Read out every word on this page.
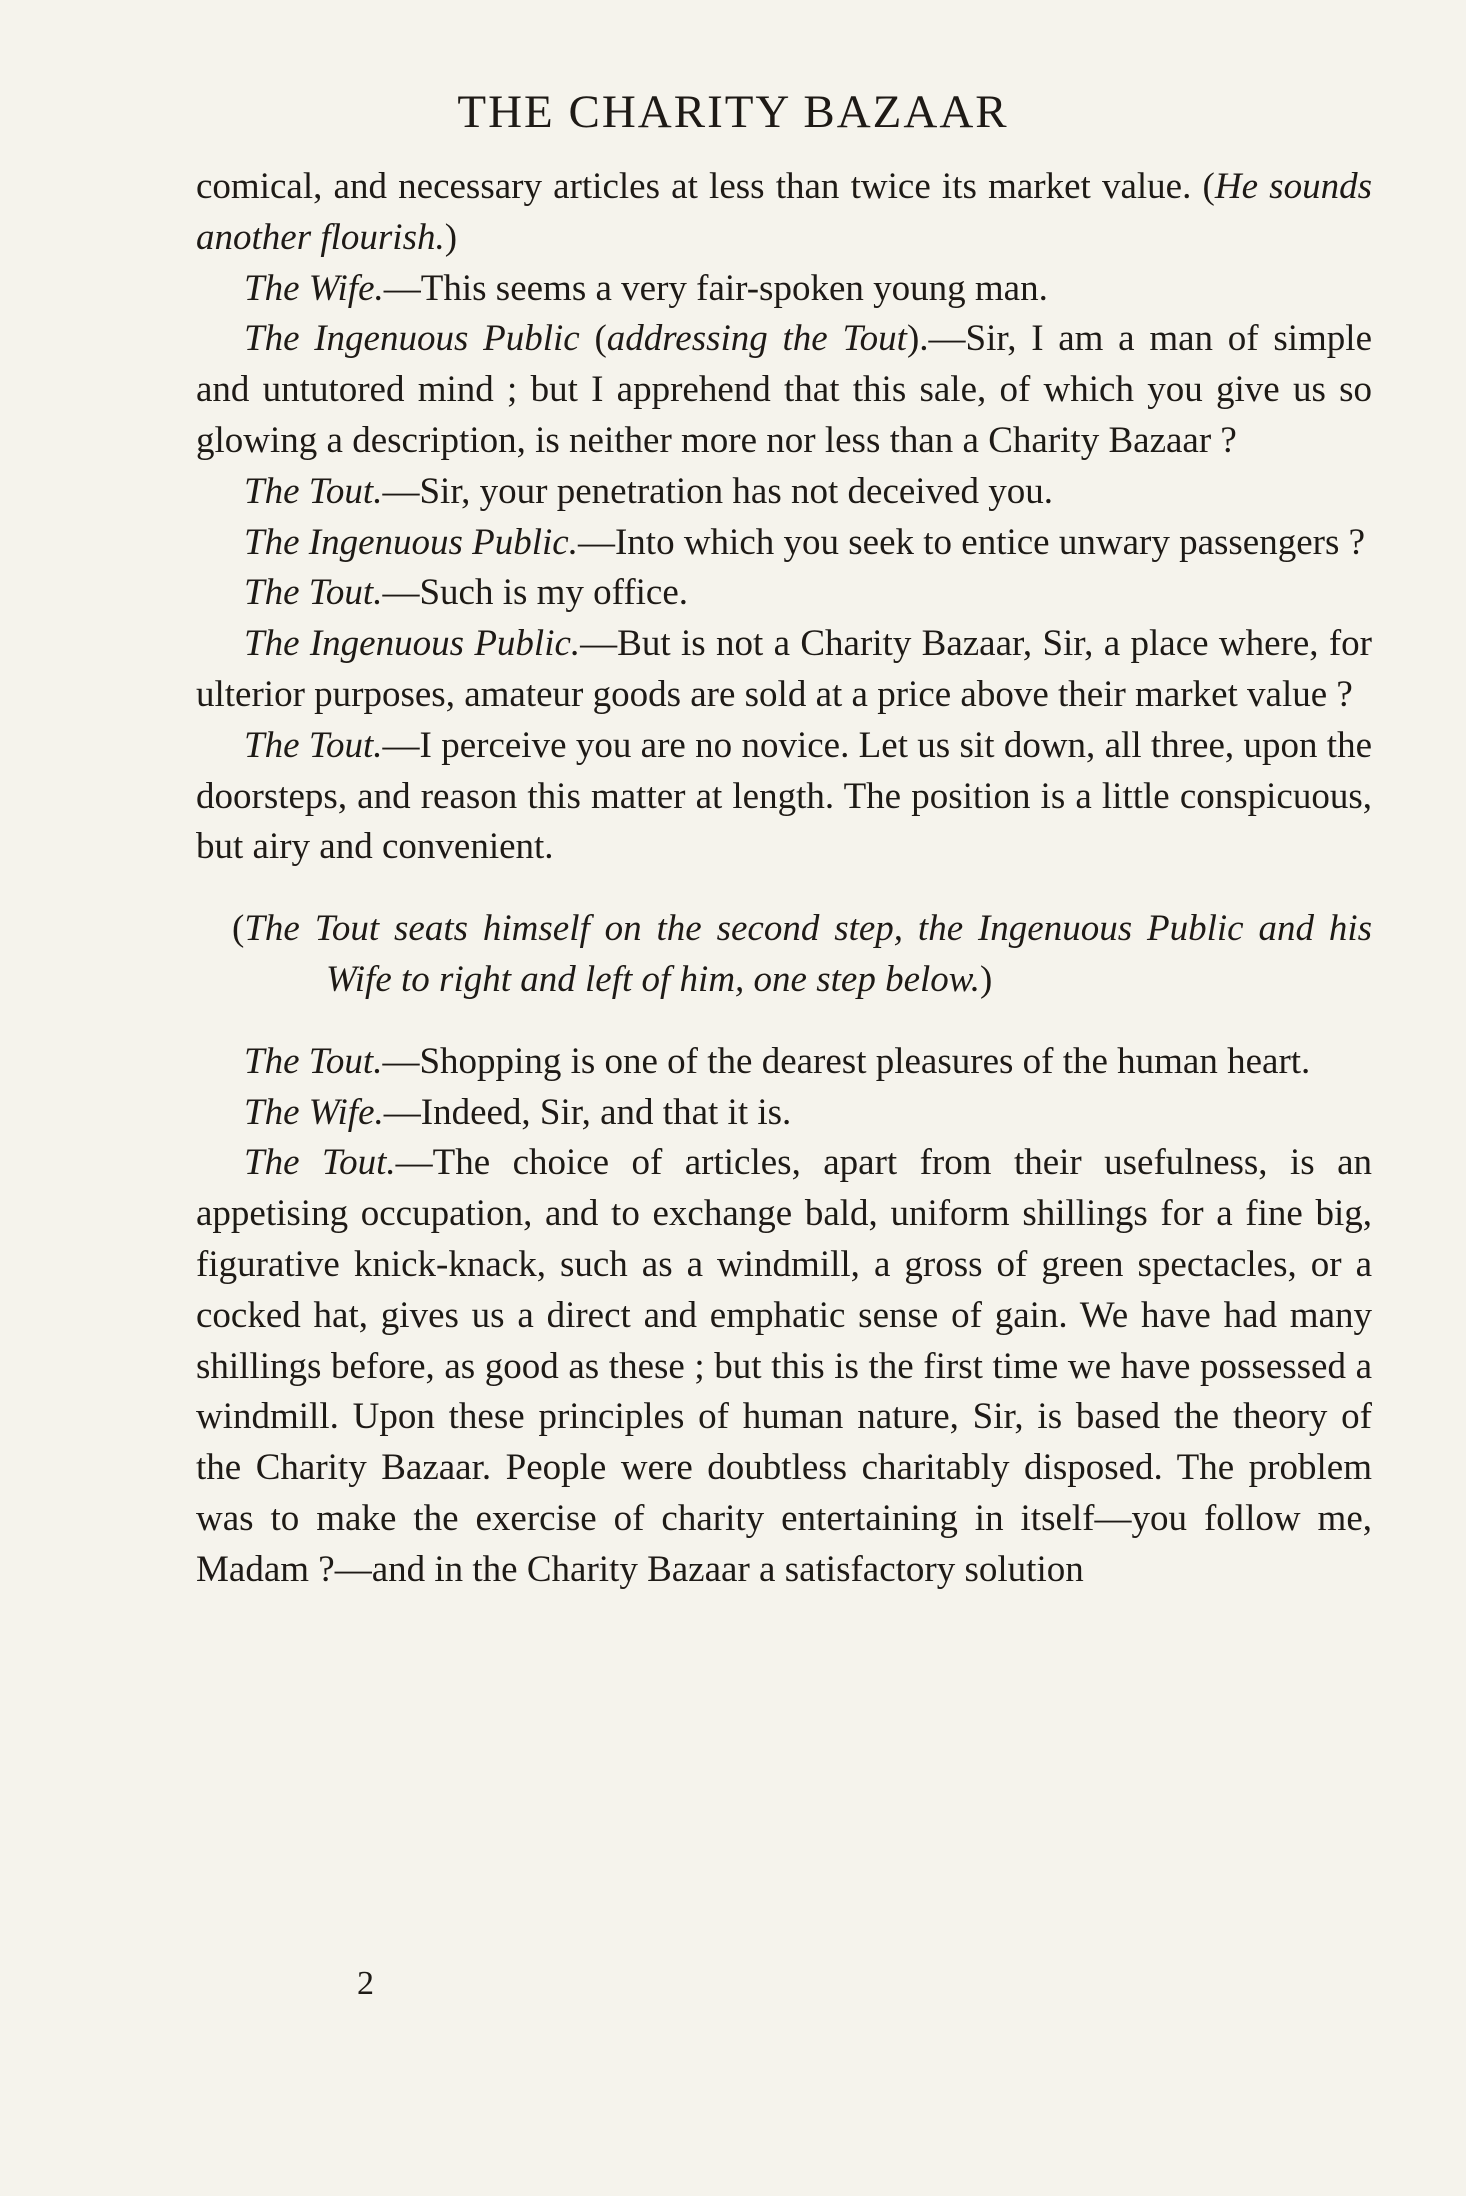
THE CHARITY BAZAAR

comical, and necessary articles at less than twice its market value. (He sounds another flourish.)

The Wife.—This seems a very fair-spoken young man.

The Ingenuous Public (addressing the Tout).—Sir, I am a man of simple and untutored mind ; but I apprehend that this sale, of which you give us so glowing a description, is neither more nor less than a Charity Bazaar ?

The Tout.—Sir, your penetration has not deceived you.

The Ingenuous Public.—Into which you seek to entice unwary passengers ?

The Tout.—Such is my office.

The Ingenuous Public.—But is not a Charity Bazaar, Sir, a place where, for ulterior purposes, amateur goods are sold at a price above their market value ?

The Tout.—I perceive you are no novice. Let us sit down, all three, upon the doorsteps, and reason this matter at length. The position is a little conspicuous, but airy and convenient.

(The Tout seats himself on the second step, the Ingenuous Public and his Wife to right and left of him, one step below.)

The Tout.—Shopping is one of the dearest pleasures of the human heart.

The Wife.—Indeed, Sir, and that it is.

The Tout.—The choice of articles, apart from their usefulness, is an appetising occupation, and to exchange bald, uniform shillings for a fine big, figurative knick-knack, such as a windmill, a gross of green spectacles, or a cocked hat, gives us a direct and emphatic sense of gain. We have had many shillings before, as good as these ; but this is the first time we have possessed a windmill. Upon these principles of human nature, Sir, is based the theory of the Charity Bazaar. People were doubtless charitably disposed. The problem was to make the exercise of charity entertaining in itself—you follow me, Madam ?—and in the Charity Bazaar a satisfactory solution

2
